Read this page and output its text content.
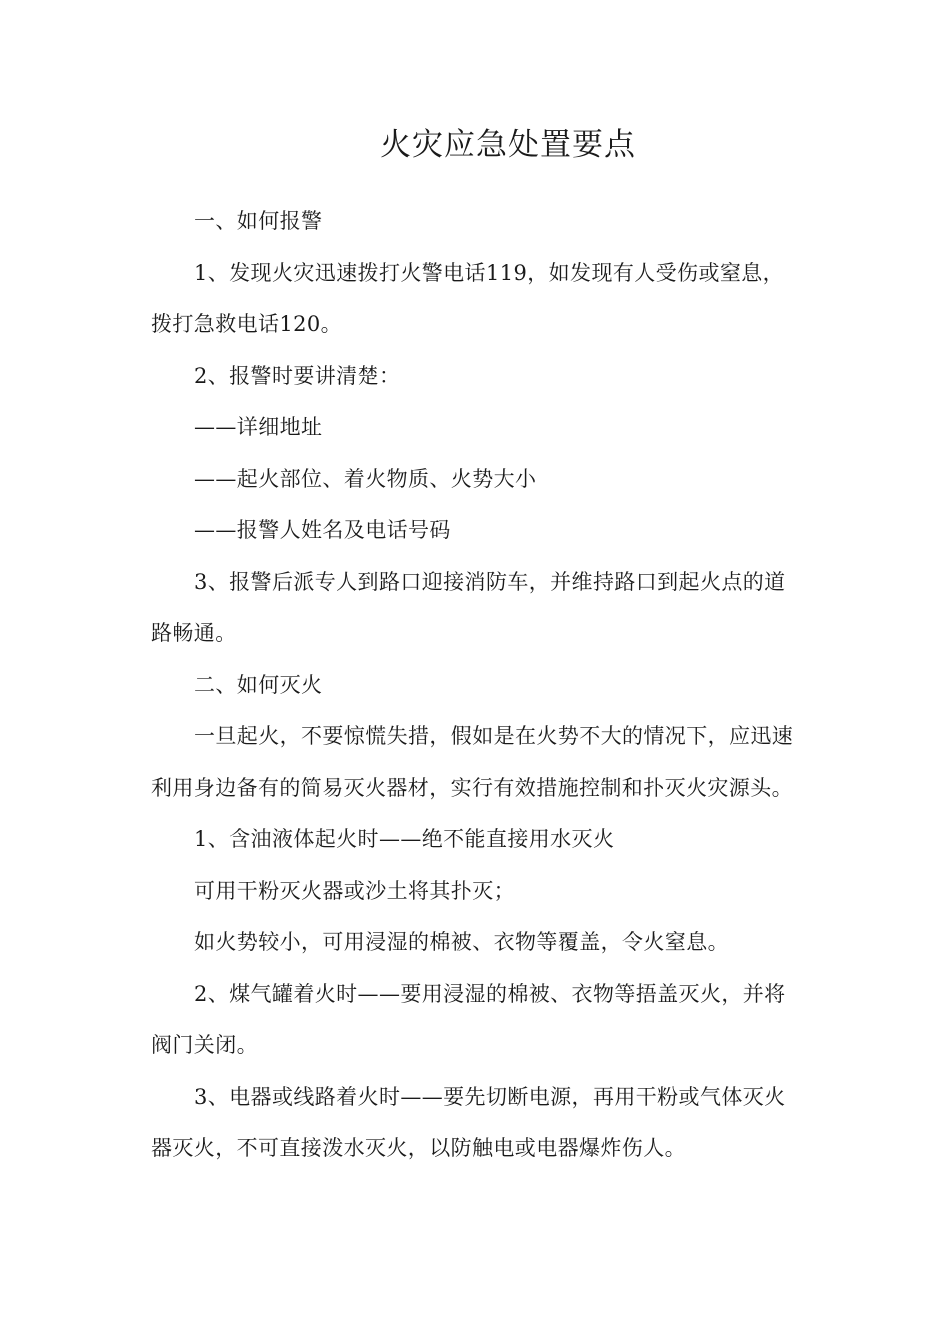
火灾应急处置要点

一、如何报警

1、发现火灾迅速拨打火警电话119，如发现有人受伤或窒息，拨打急救电话120。

2、报警时要讲清楚：

——详细地址

——起火部位、着火物质、火势大小

——报警人姓名及电话号码

3、报警后派专人到路口迎接消防车，并维持路口到起火点的道路畅通。

二、如何灭火

一旦起火，不要惊慌失措，假如是在火势不大的情况下，应迅速利用身边备有的简易灭火器材，实行有效措施控制和扑灭火灾源头。

1、含油液体起火时——绝不能直接用水灭火

可用干粉灭火器或沙土将其扑灭；

如火势较小，可用浸湿的棉被、衣物等覆盖，令火窒息。

2、煤气罐着火时——要用浸湿的棉被、衣物等捂盖灭火，并将阀门关闭。

3、电器或线路着火时——要先切断电源，再用干粉或气体灭火器灭火，不可直接泼水灭火，以防触电或电器爆炸伤人。
